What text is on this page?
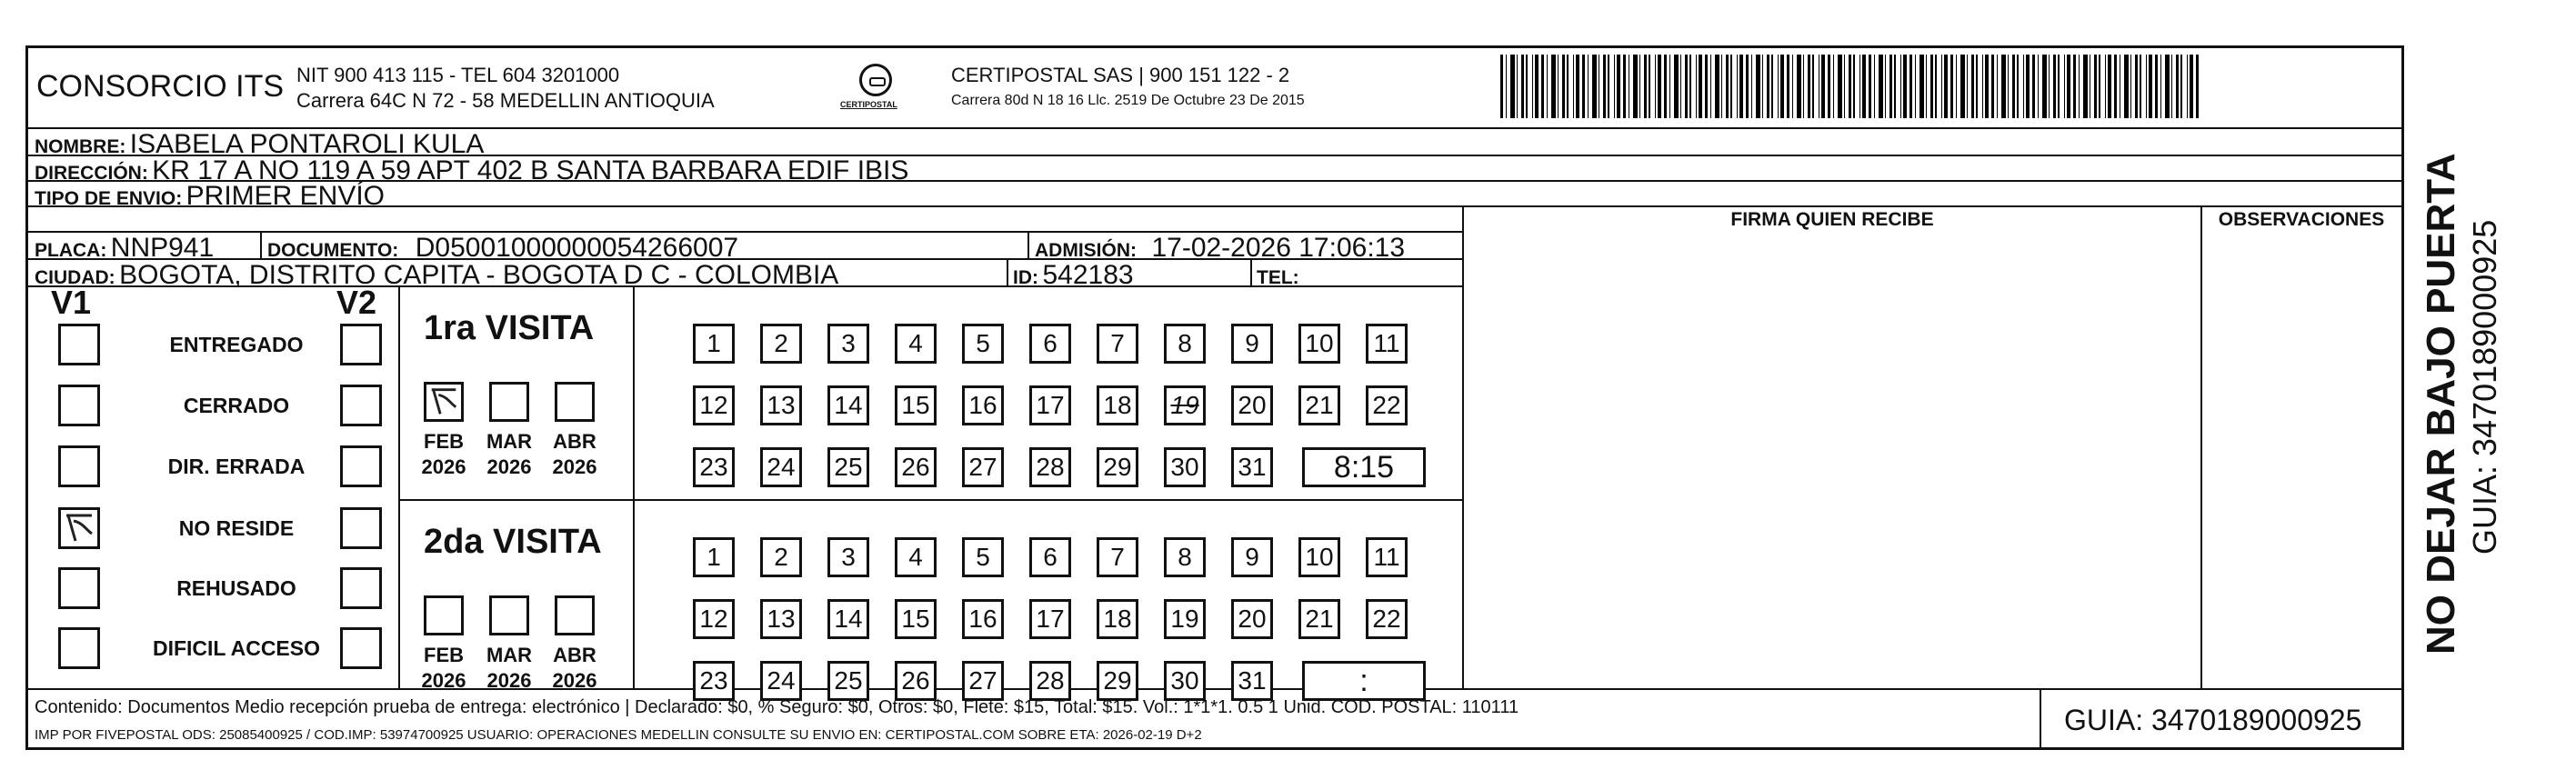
CONSORCIO ITS NIT 900 413 115 - TEL 604 3201000
Carrera 64C N 72 - 58 MEDELLIN ANTIOQUIA	CERTIPOSTAL
CERTIPOSTAL SAS | 900 151 122 - 2
Carrera 80d N 18 16 Llc. 2519 De Octubre 23 De 2015
NOMBRE: ISABELA PONTAROLI KULA
DIRECCIÓN: KR 17 A NO 119 A 59 APT 402 B SANTA BARBARA EDIF IBIS
TIPO DE ENVIO: PRIMER ENVÍO
FIRMA QUIEN RECIBE	OBSERVACIONES
PLACA: NNP941	DOCUMENTO: D05001000000054266007	ADMISIÓN: 17-02-2026 17:06:13
CIUDAD: BOGOTA, DISTRITO CAPITA - BOGOTA D C - COLOMBIA	ID: 542183	TEL:
V1	V2
ENTREGADO
CERRADO
DIR. ERRADA
NO RESIDE
REHUSADO
DIFICIL ACCESO
1ra VISITA
FEB
2026
MAR
2026
ABR
2026
1	2	3	4	5	6	7	8	9	10	11
12 13 14 15 16 17 18 19 20 21 22
23 24 25 26 27 28 29 30 31	8:15
2da VISITA
FEB
2026
MAR
2026
ABR
2026
1	2	3	4	5	6	7	8	9	10	11
12 13 14 15 16 17 18 19 20 21 22
23 24 25 26 27 28 29 30 31	:
Contenido: Documentos Medio recepción prueba de entrega: electrónico | Declarado: $0, % Seguro: $0, Otros: $0, Flete: $15, Total: $15. Vol.: 1*1*1. 0.5 1 Unid. COD. POSTAL: 110111
IMP POR FIVEPOSTAL ODS: 25085400925 / COD.IMP: 53974700925 USUARIO: OPERACIONES MEDELLIN CONSULTE SU ENVIO EN: CERTIPOSTAL.COM SOBRE ETA: 2026-02-19 D+2	GUIA: 3470189000925
NO DEJAR BAJO PUERTA GUIA: 3470189000925
